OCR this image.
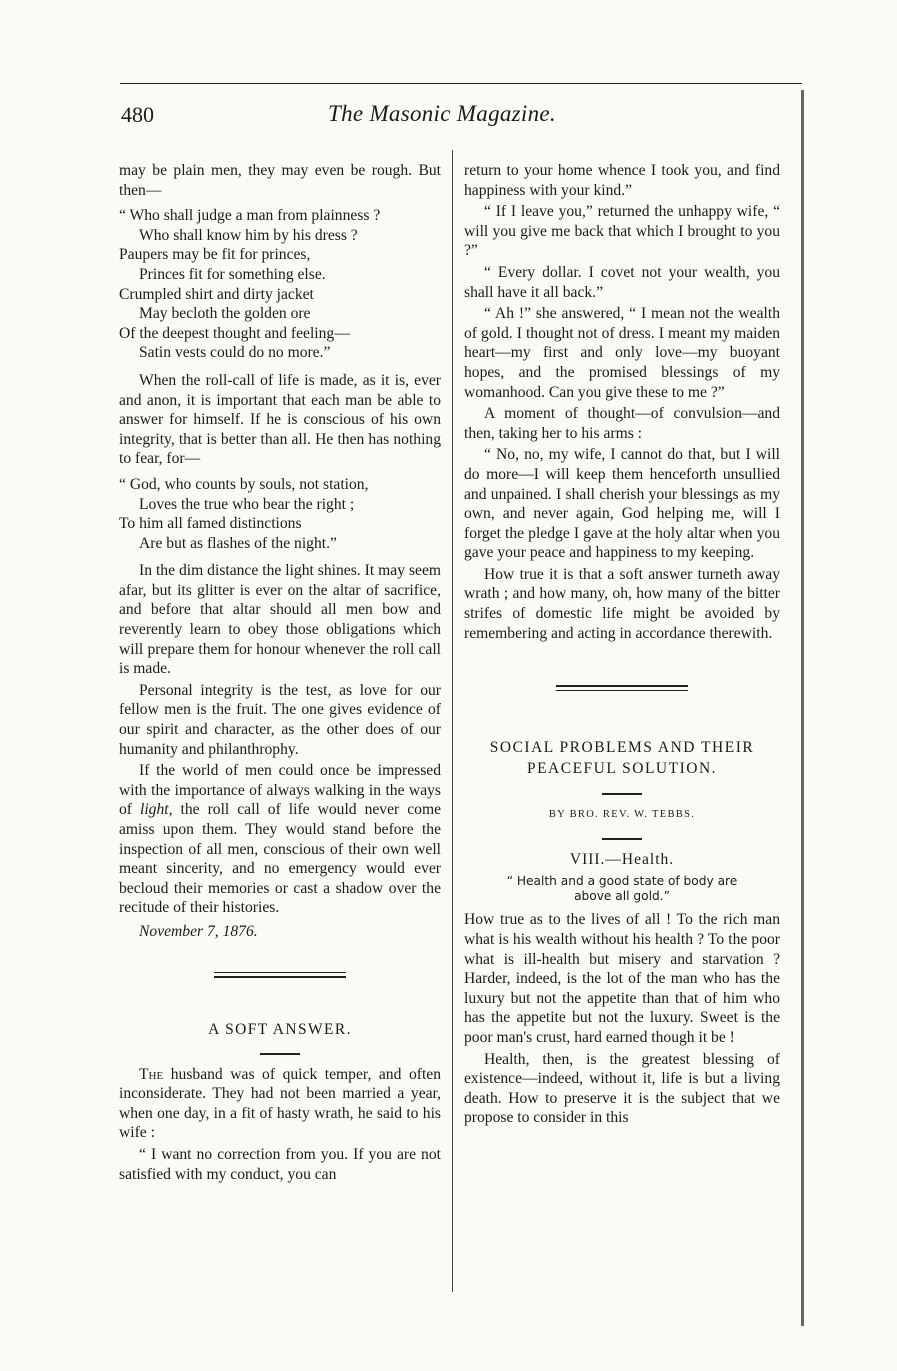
480	The Masonic Magazine.

may be plain men, they may even be rough. But then—

“ Who shall judge a man from plainness ?
Who shall know him by his dress ?
Paupers may be fit for princes,
Princes fit for something else.
Crumpled shirt and dirty jacket
May becloth the golden ore
Of the deepest thought and feeling—
Satin vests could do no more.”

When the roll-call of life is made, as it is, ever and anon, it is important that each man be able to answer for himself. If he is conscious of his own integrity, that is better than all. He then has nothing to fear, for—

“ God, who counts by souls, not station,
Loves the true who bear the right ;
To him all famed distinctions
Are but as flashes of the night.”

In the dim distance the light shines. It may seem afar, but its glitter is ever on the altar of sacrifice, and before that altar should all men bow and reverently learn to obey those obligations which will prepare them for honour whenever the roll call is made.

Personal integrity is the test, as love for our fellow men is the fruit. The one gives evidence of our spirit and character, as the other does of our humanity and philanthrophy.

If the world of men could once be impressed with the importance of always walking in the ways of light, the roll call of life would never come amiss upon them. They would stand before the inspection of all men, conscious of their own well meant sincerity, and no emergency would ever becloud their memories or cast a shadow over the recitude of their histories.

November 7, 1876.

A SOFT ANSWER.

The husband was of quick temper, and often inconsiderate. They had not been married a year, when one day, in a fit of hasty wrath, he said to his wife :

“ I want no correction from you. If you are not satisfied with my conduct, you can

return to your home whence I took you, and find happiness with your kind.”

“ If I leave you,” returned the unhappy wife, “ will you give me back that which I brought to you ?”

“ Every dollar. I covet not your wealth, you shall have it all back.”

“ Ah !” she answered, “ I mean not the wealth of gold. I thought not of dress. I meant my maiden heart—my first and only love—my buoyant hopes, and the promised blessings of my womanhood. Can you give these to me ?”

A moment of thought—of convulsion—and then, taking her to his arms :

“ No, no, my wife, I cannot do that, but I will do more—I will keep them henceforth unsullied and unpained. I shall cherish your blessings as my own, and never again, God helping me, will I forget the pledge I gave at the holy altar when you gave your peace and happiness to my keeping.

How true it is that a soft answer turneth away wrath ; and how many, oh, how many of the bitter strifes of domestic life might be avoided by remembering and acting in accordance therewith.

SOCIAL PROBLEMS AND THEIR
PEACEFUL SOLUTION.
BY BRO. REV. W. TEBBS.
VIII.—Health.
“ Health and a good state of body are
above all gold.”

How true as to the lives of all ! To the rich man what is his wealth without his health ? To the poor what is ill-health but misery and starvation ? Harder, indeed, is the lot of the man who has the luxury but not the appetite than that of him who has the appetite but not the luxury. Sweet is the poor man's crust, hard earned though it be !

Health, then, is the greatest blessing of existence—indeed, without it, life is but a living death. How to preserve it is the subject that we propose to consider in this
